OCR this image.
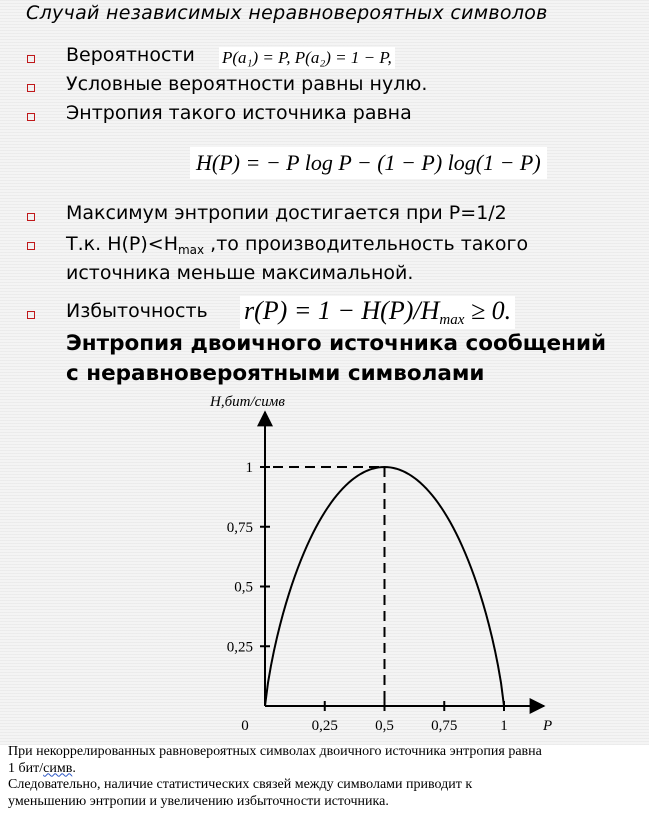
Случай независимых неравновероятных символов
Вероятности P(a₁) = P, P(a₂) = 1 − P,
Условные вероятности равны нулю.
Энтропия такого источника равна
H(P) = − P log P − (1 − P) log(1 − P)
Максимум энтропии достигается при P=1/2
Т.к. $H(P)<H_{max}$ ,то производительность такого
источника меньше максимальной.
Избыточность $r(P) = 1 - H(P)/H_{max} \ge 0$.
Энтропия двоичного источника сообщений
с неравновероятными символами
H,бит/симв
P
0	0,25 0,5 0,75	1
0,25
0,5
0,75
1
При некоррелированных равновероятных символах двоичного источника энтропия равна
1 бит/симв.
Следовательно, наличие статистических связей между символами приводит к
уменьшению энтропии и увеличению избыточности источника.
